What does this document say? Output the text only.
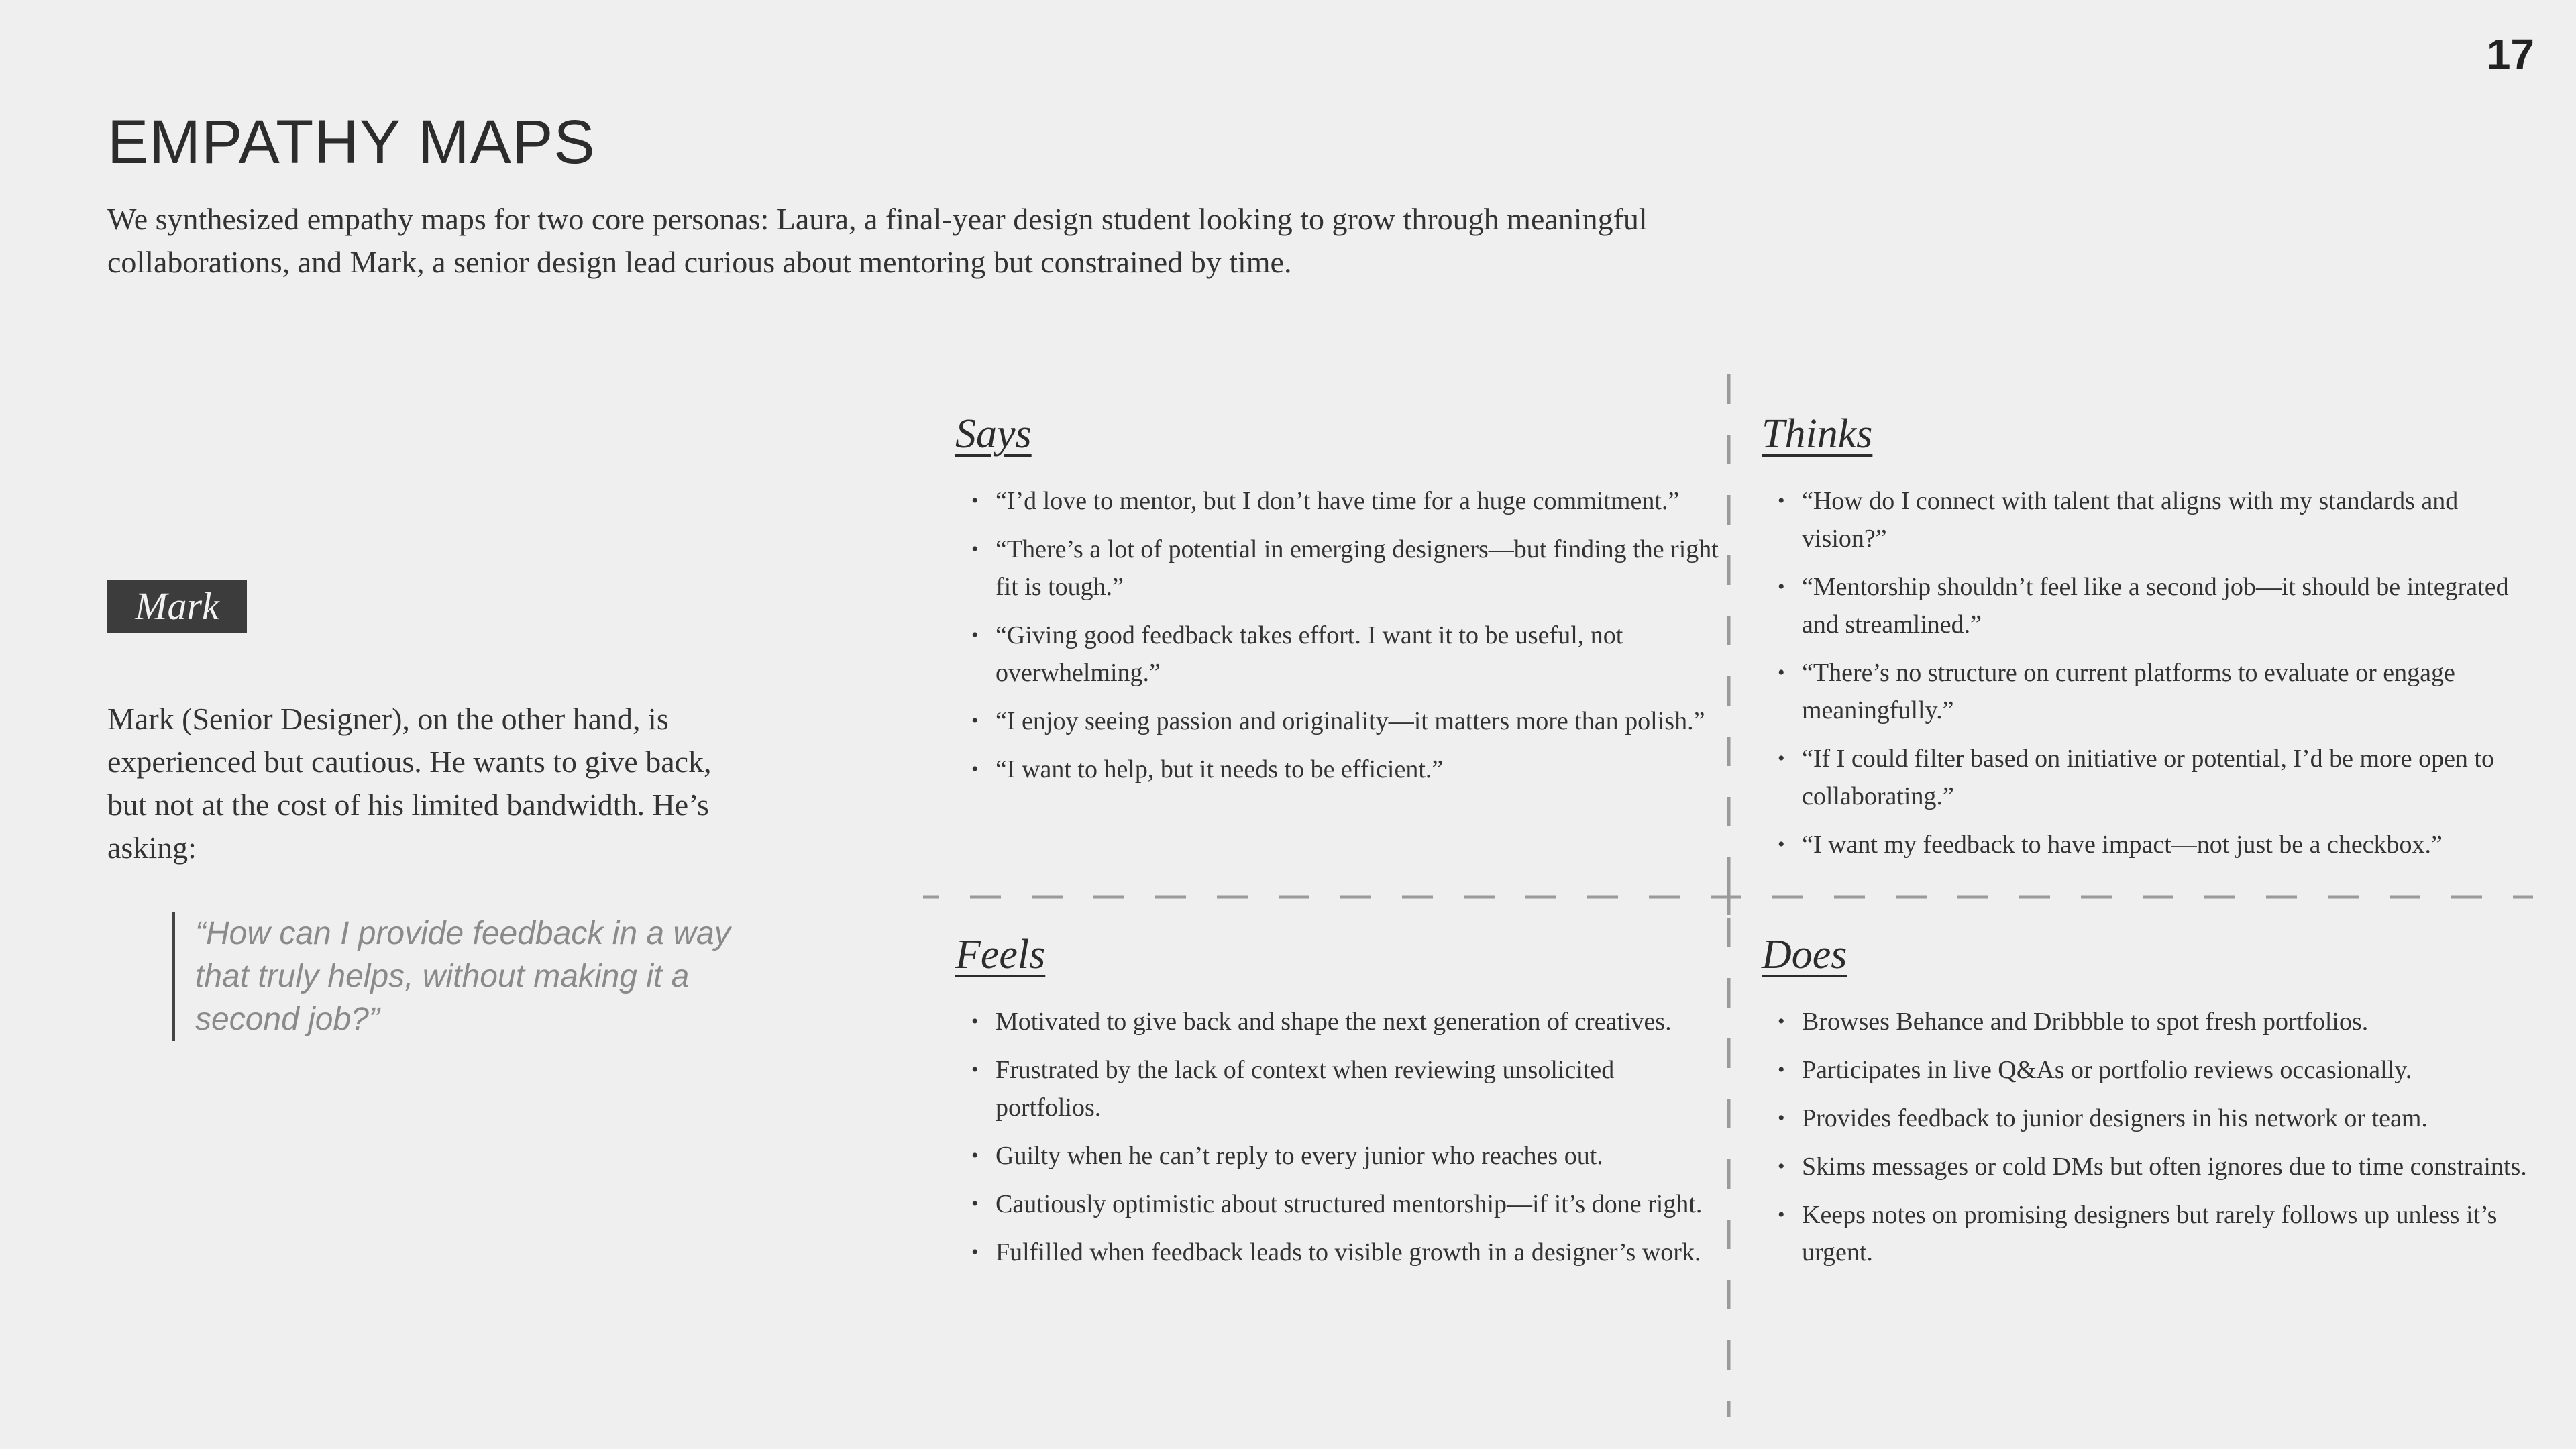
17
EMPATHY MAPS

We synthesized empathy maps for two core personas: Laura, a final-year design student looking to grow through meaningful collaborations, and Mark, a senior design lead curious about mentoring but constrained by time.

Mark

Mark (Senior Designer), on the other hand, is experienced but cautious. He wants to give back, but not at the cost of his limited bandwidth. He’s asking:

“How can I provide feedback in a way that truly helps, without making it a second job?”
Says
• “I’d love to mentor, but I don’t have time for a huge commitment.”
• “There’s a lot of potential in emerging designers—but finding the right fit is tough.”
• “Giving good feedback takes effort. I want it to be useful, not overwhelming.”
• “I enjoy seeing passion and originality—it matters more than polish.”
• “I want to help, but it needs to be efficient.”
Thinks
• “How do I connect with talent that aligns with my standards and vision?”
• “Mentorship shouldn’t feel like a second job—it should be integrated and streamlined.”
• “There’s no structure on current platforms to evaluate or engage meaningfully.”
• “If I could filter based on initiative or potential, I’d be more open to collaborating.”
• “I want my feedback to have impact—not just be a checkbox.”
Feels
• Motivated to give back and shape the next generation of creatives.
• Frustrated by the lack of context when reviewing unsolicited portfolios.
• Guilty when he can’t reply to every junior who reaches out.
• Cautiously optimistic about structured mentorship—if it’s done right.
• Fulfilled when feedback leads to visible growth in a designer’s work.
Does
• Browses Behance and Dribbble to spot fresh portfolios.
• Participates in live Q&As or portfolio reviews occasionally.
• Provides feedback to junior designers in his network or team.
• Skims messages or cold DMs but often ignores due to time constraints.
• Keeps notes on promising designers but rarely follows up unless it’s urgent.
